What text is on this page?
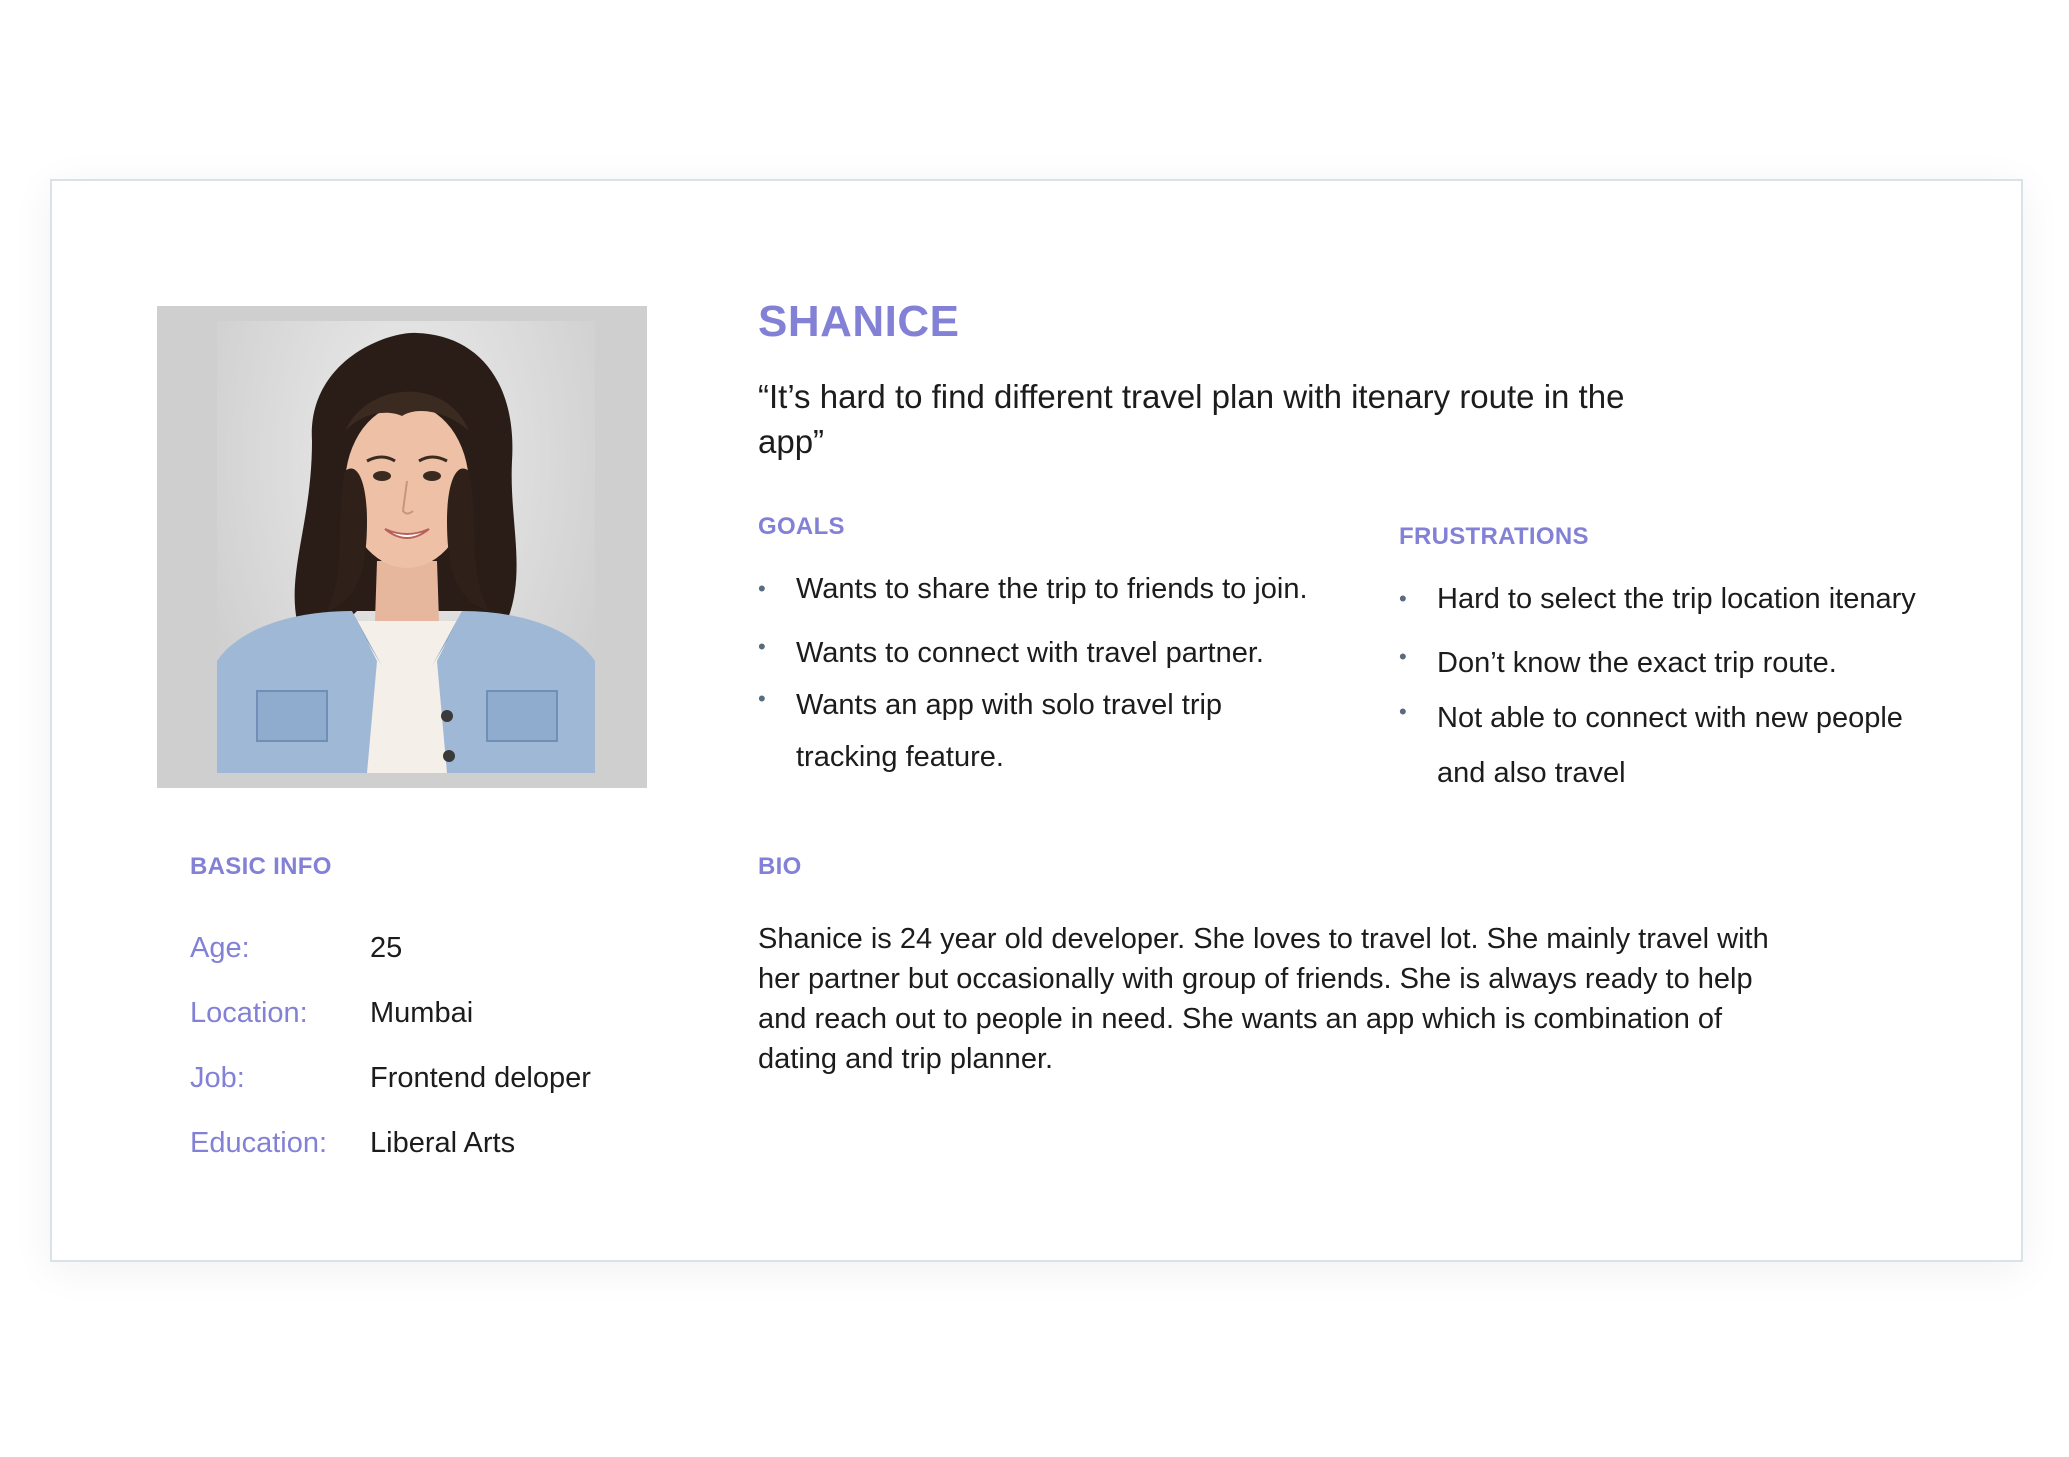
SHANICE

“It’s hard to find different travel plan with itenary route in the app”

GOALS
• Wants to share the trip to friends to join.
• Wants to connect with travel partner.
• Wants an app with solo travel trip
tracking feature.
FRUSTRATIONS
• Hard to select the trip location itenary
• Don’t know the exact trip route.
• Not able to connect with new people
and also travel
BASIC INFO
Age:	25
Location: Mumbai
Job:	Frontend deloper
Education: Liberal Arts
BIO

Shanice is 24 year old developer. She loves to travel lot. She mainly travel with her partner but occasionally with group of friends. She is always ready to help and reach out to people in need. She wants an app which is combination of dating and trip planner.
